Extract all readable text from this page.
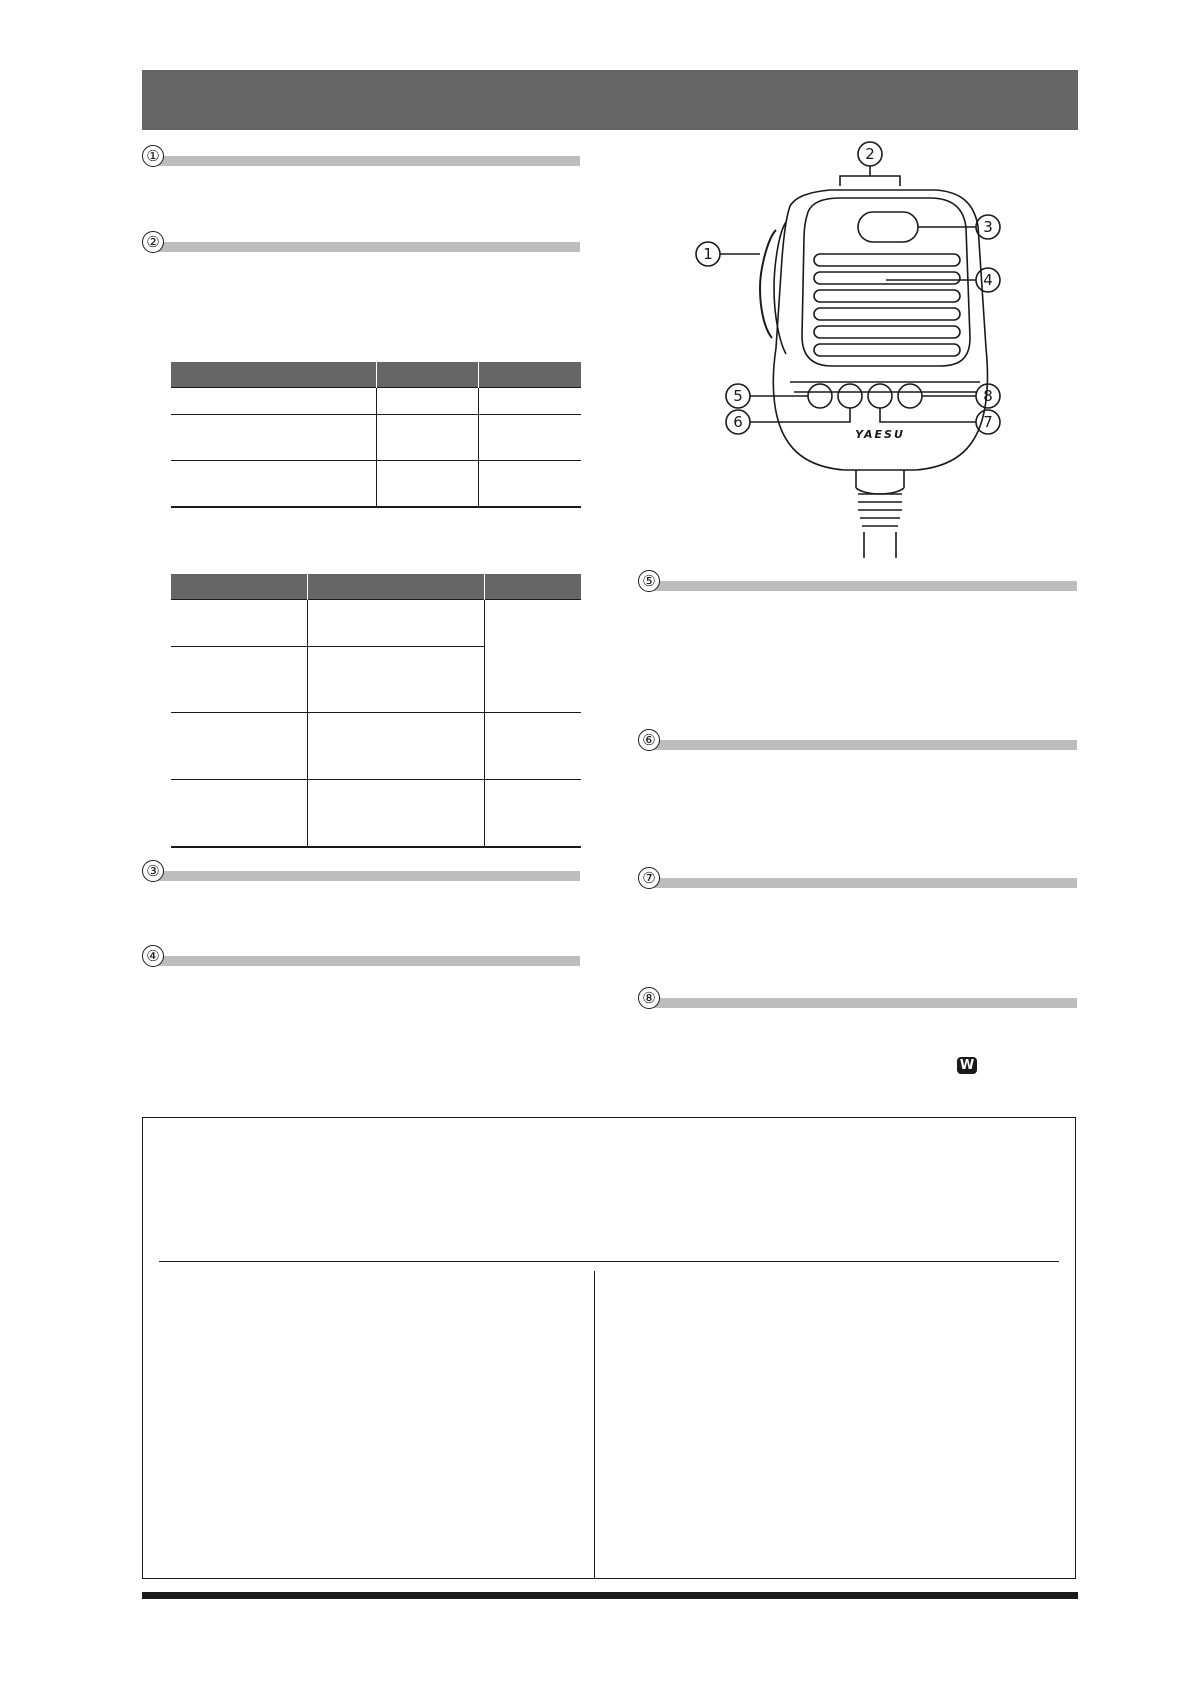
①
②

③
④
⑤
⑥
⑦
⑧
W
1
2
3
4
5
6	7
8
YAESU
